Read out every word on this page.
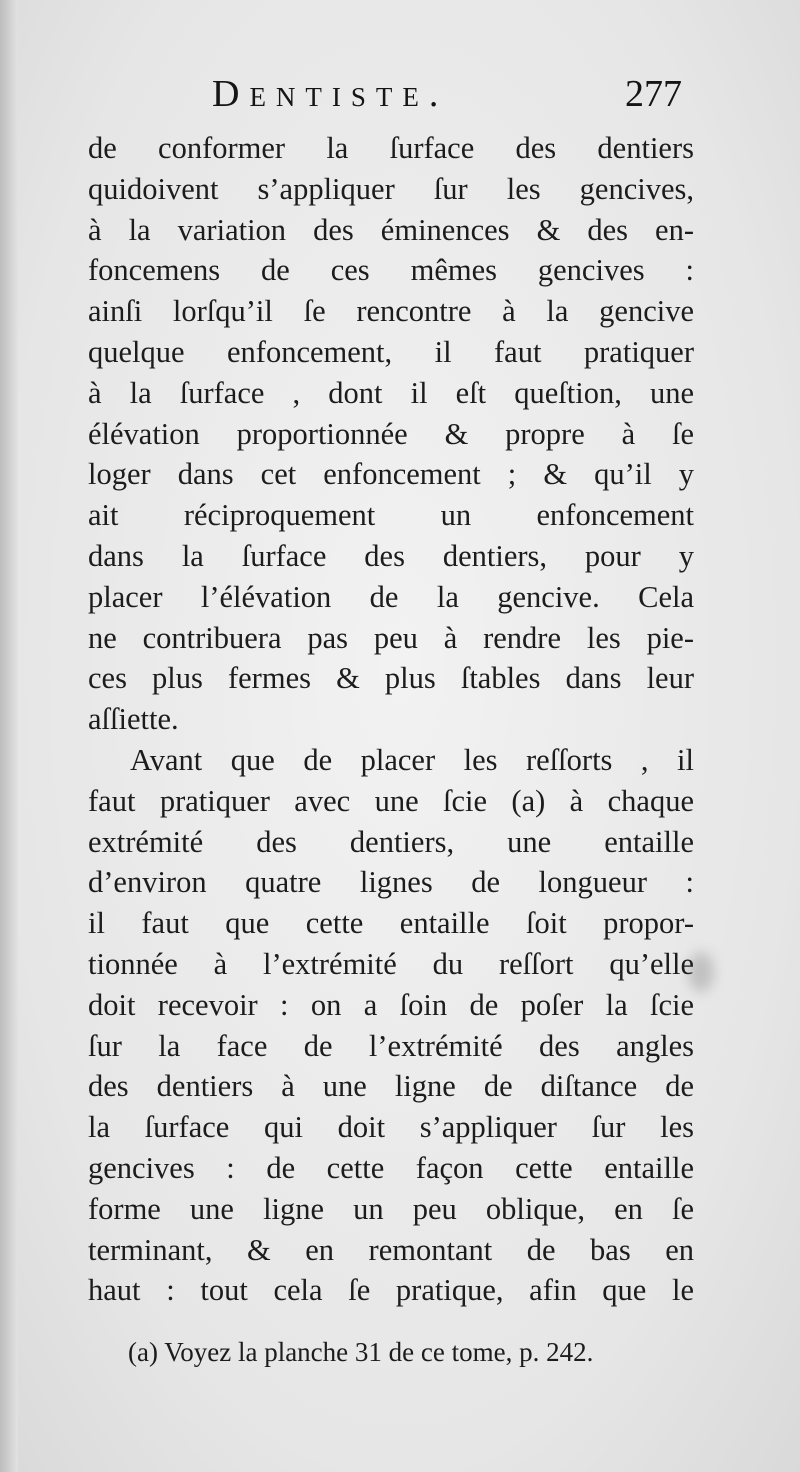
Dentiste.	277
de conformer la ſurface des dentiers
quidoivent s’appliquer ſur les gencives,
à la variation des éminences & des en-
foncemens de ces mêmes gencives :
ainſi lorſqu’il ſe rencontre à la gencive
quelque enfoncement, il faut pratiquer
à la ſurface , dont il eſt queſtion, une
élévation proportionnée & propre à ſe
loger dans cet enfoncement ; & qu’il y
ait réciproquement un enfoncement
dans la ſurface des dentiers, pour y
placer l’élévation de la gencive. Cela
ne contribuera pas peu à rendre les pie-
ces plus fermes & plus ſtables dans leur
aſſiette.
Avant que de placer les reſſorts , il
faut pratiquer avec une ſcie (a) à chaque
extrémité des dentiers, une entaille
d’environ quatre lignes de longueur :
il faut que cette entaille ſoit propor-
tionnée à l’extrémité du reſſort qu’elle
doit recevoir : on a ſoin de poſer la ſcie
ſur la face de l’extrémité des angles
des dentiers à une ligne de diſtance de
la ſurface qui doit s’appliquer ſur les
gencives : de cette façon cette entaille
forme une ligne un peu oblique, en ſe
terminant, & en remontant de bas en
haut : tout cela ſe pratique, afin que le
(a) Voyez la planche 31 de ce tome, p. 242.
